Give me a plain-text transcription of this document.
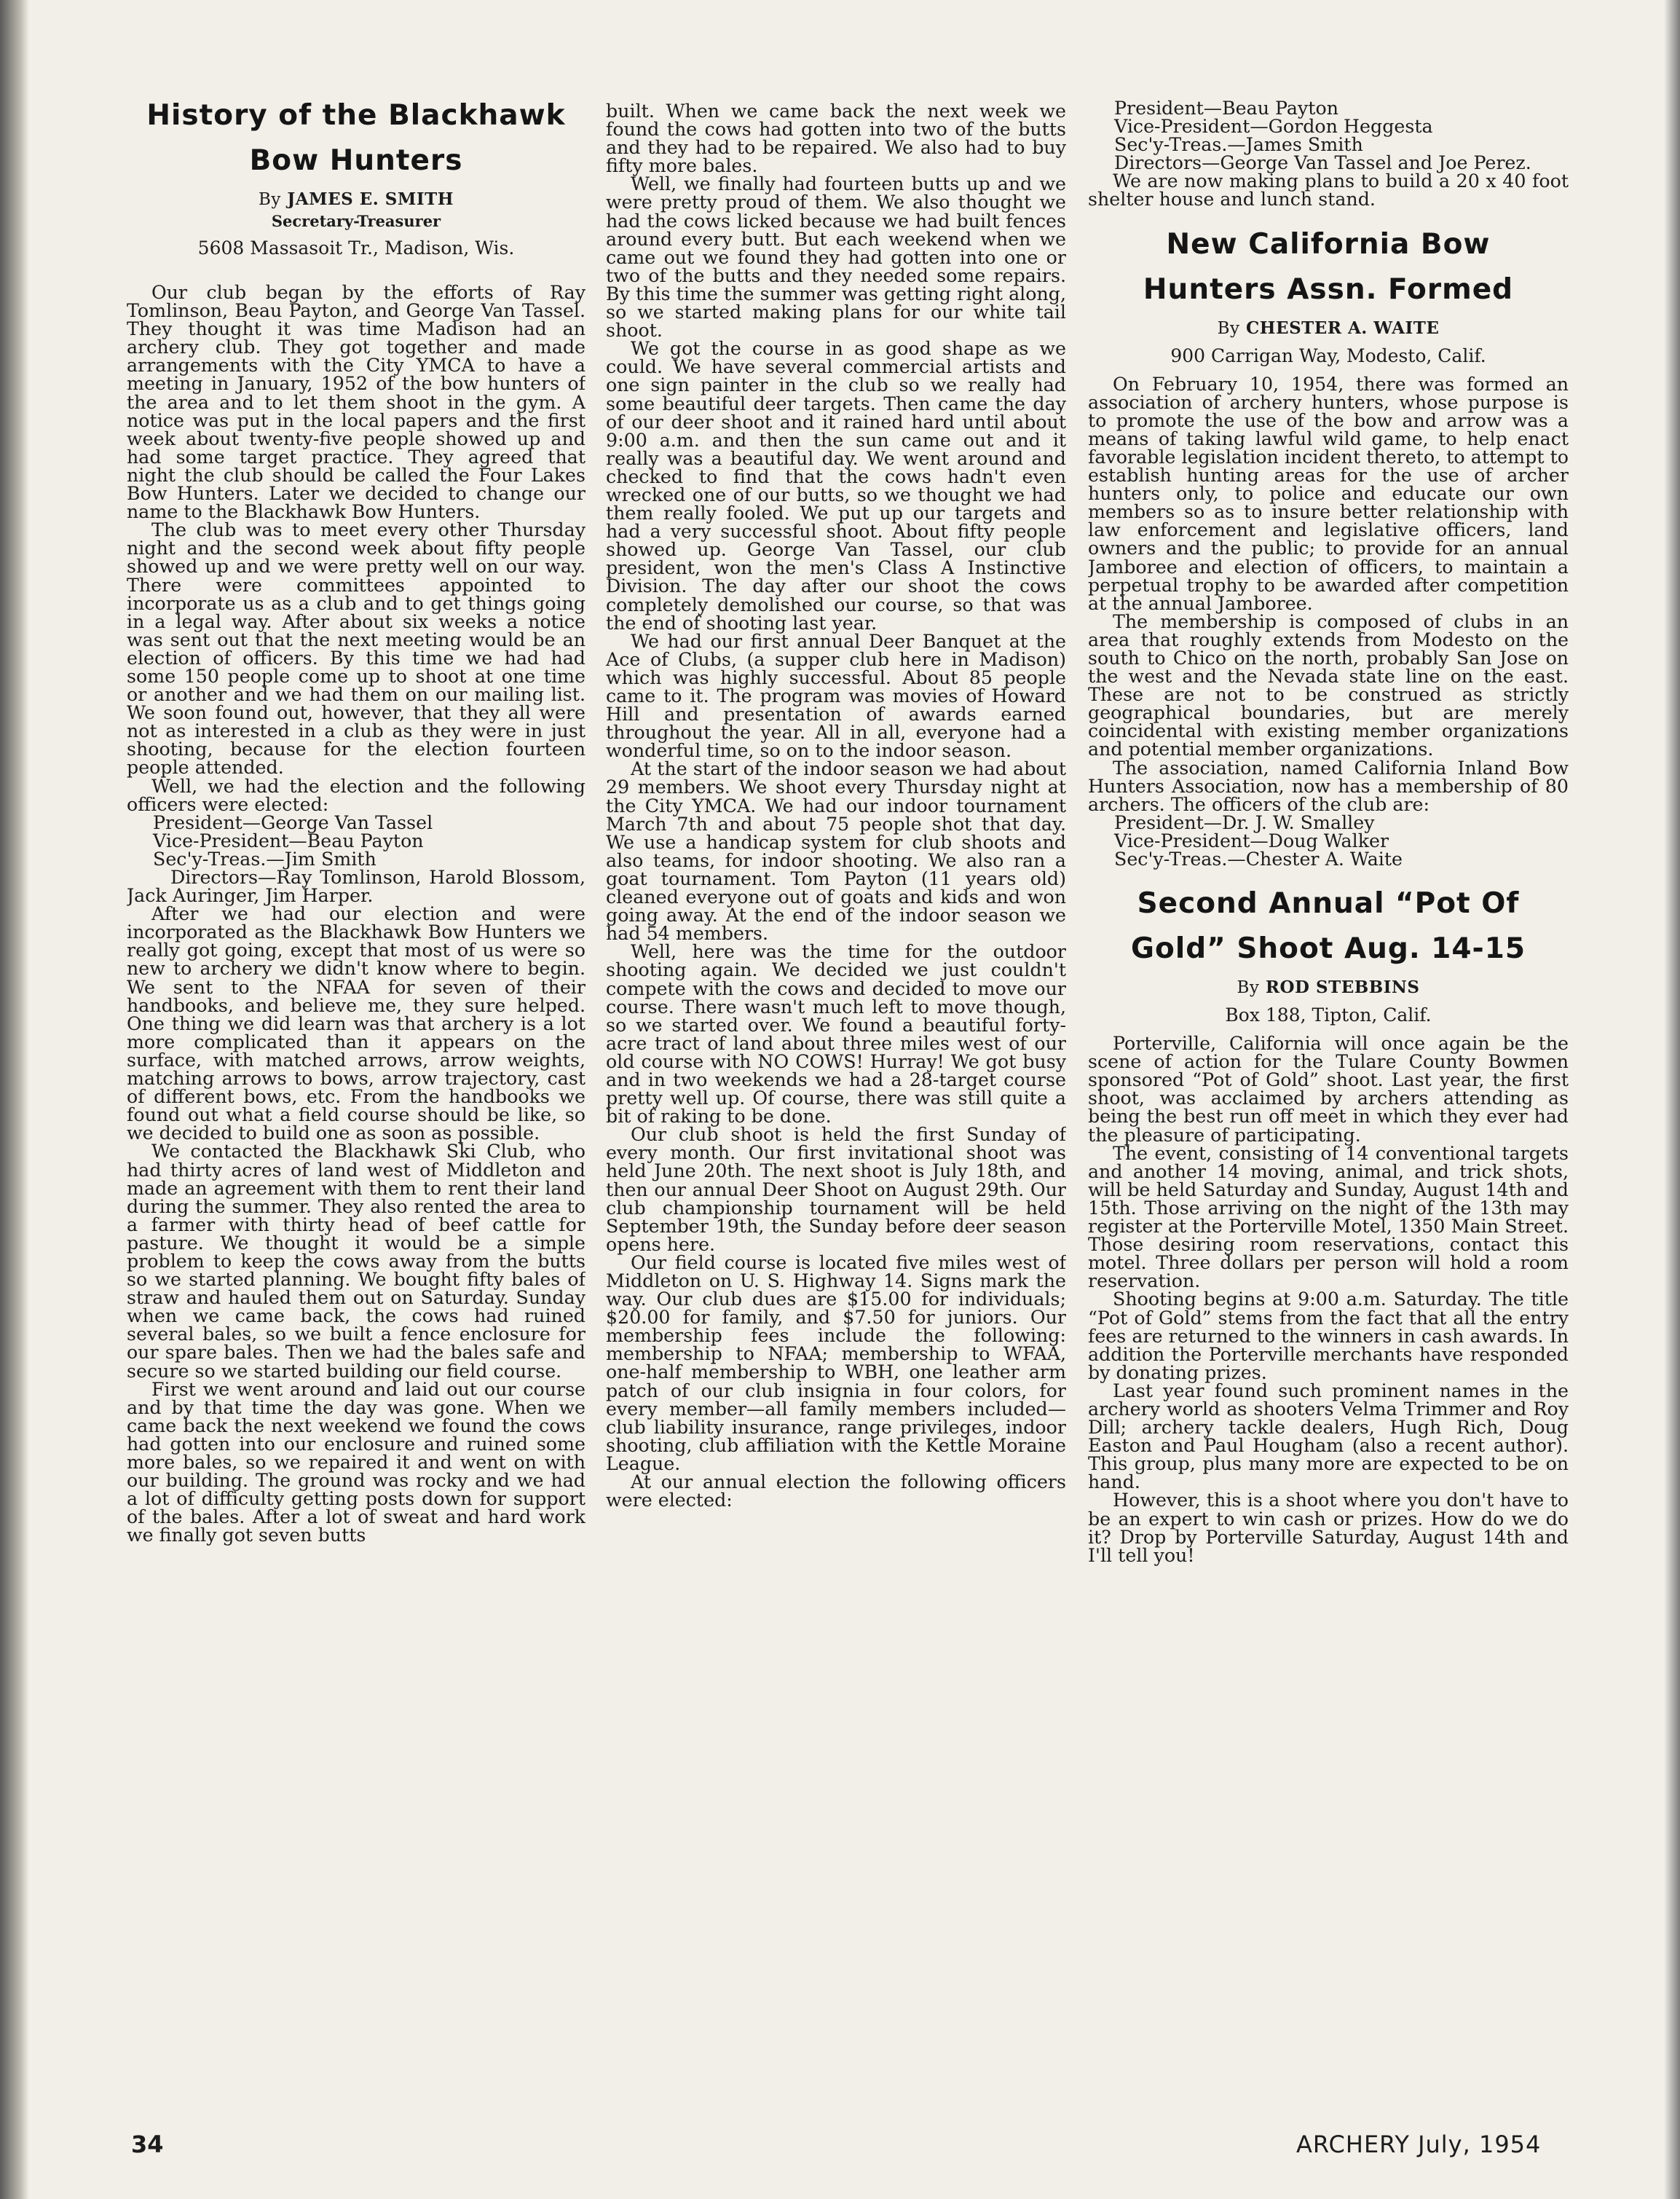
History of the Blackhawk Bow Hunters
By JAMES E. SMITH
Secretary-Treasurer
5608 Massasoit Tr., Madison, Wis.

Our club began by the efforts of Ray Tomlinson, Beau Payton, and George Van Tassel. They thought it was time Madison had an archery club. They got together and made arrangements with the City YMCA to have a meeting in January, 1952 of the bow hunters of the area and to let them shoot in the gym. A notice was put in the local papers and the first week about twenty-five people showed up and had some target practice. They agreed that night the club should be called the Four Lakes Bow Hunters. Later we decided to change our name to the Blackhawk Bow Hunters.

The club was to meet every other Thursday night and the second week about fifty people showed up and we were pretty well on our way. There were committees appointed to incorporate us as a club and to get things going in a legal way. After about six weeks a notice was sent out that the next meeting would be an election of officers. By this time we had had some 150 people come up to shoot at one time or another and we had them on our mailing list. We soon found out, however, that they all were not as interested in a club as they were in just shooting, because for the election fourteen people attended.

Well, we had the election and the following officers were elected:

President—George Van Tassel

Vice-President—Beau Payton

Sec'y-Treas.—Jim Smith

Directors—Ray Tomlinson, Harold Blossom, Jack Auringer, Jim Harper.

After we had our election and were incorporated as the Blackhawk Bow Hunters we really got going, except that most of us were so new to archery we didn't know where to begin. We sent to the NFAA for seven of their handbooks, and believe me, they sure helped. One thing we did learn was that archery is a lot more complicated than it appears on the surface, with matched arrows, arrow weights, matching arrows to bows, arrow trajectory, cast of different bows, etc. From the handbooks we found out what a field course should be like, so we decided to build one as soon as possible.

We contacted the Blackhawk Ski Club, who had thirty acres of land west of Middleton and made an agreement with them to rent their land during the summer. They also rented the area to a farmer with thirty head of beef cattle for pasture. We thought it would be a simple problem to keep the cows away from the butts so we started planning. We bought fifty bales of straw and hauled them out on Saturday. Sunday when we came back, the cows had ruined several bales, so we built a fence enclosure for our spare bales. Then we had the bales safe and secure so we started building our field course.

First we went around and laid out our course and by that time the day was gone. When we came back the next weekend we found the cows had gotten into our enclosure and ruined some more bales, so we repaired it and went on with our building. The ground was rocky and we had a lot of difficulty getting posts down for support of the bales. After a lot of sweat and hard work we finally got seven butts

built. When we came back the next week we found the cows had gotten into two of the butts and they had to be repaired. We also had to buy fifty more bales.

Well, we finally had fourteen butts up and we were pretty proud of them. We also thought we had the cows licked because we had built fences around every butt. But each weekend when we came out we found they had gotten into one or two of the butts and they needed some repairs. By this time the summer was getting right along, so we started making plans for our white tail shoot.

We got the course in as good shape as we could. We have several commercial artists and one sign painter in the club so we really had some beautiful deer targets. Then came the day of our deer shoot and it rained hard until about 9:00 a.m. and then the sun came out and it really was a beautiful day. We went around and checked to find that the cows hadn't even wrecked one of our butts, so we thought we had them really fooled. We put up our targets and had a very successful shoot. About fifty people showed up. George Van Tassel, our club president, won the men's Class A Instinctive Division. The day after our shoot the cows completely demolished our course, so that was the end of shooting last year.

We had our first annual Deer Banquet at the Ace of Clubs, (a supper club here in Madison) which was highly successful. About 85 people came to it. The program was movies of Howard Hill and presentation of awards earned throughout the year. All in all, everyone had a wonderful time, so on to the indoor season.

At the start of the indoor season we had about 29 members. We shoot every Thursday night at the City YMCA. We had our indoor tournament March 7th and about 75 people shot that day. We use a handicap system for club shoots and also teams, for indoor shooting. We also ran a goat tournament. Tom Payton (11 years old) cleaned everyone out of goats and kids and won going away. At the end of the indoor season we had 54 members.

Well, here was the time for the outdoor shooting again. We decided we just couldn't compete with the cows and decided to move our course. There wasn't much left to move though, so we started over. We found a beautiful forty-acre tract of land about three miles west of our old course with NO COWS! Hurray! We got busy and in two weekends we had a 28-target course pretty well up. Of course, there was still quite a bit of raking to be done.

Our club shoot is held the first Sunday of every month. Our first invitational shoot was held June 20th. The next shoot is July 18th, and then our annual Deer Shoot on August 29th. Our club championship tournament will be held September 19th, the Sunday before deer season opens here.

Our field course is located five miles west of Middleton on U. S. Highway 14. Signs mark the way. Our club dues are $15.00 for individuals; $20.00 for family, and $7.50 for juniors. Our membership fees include the following: membership to NFAA; membership to WFAA, one-half membership to WBH, one leather arm patch of our club insignia in four colors, for every member—all family members included—club liability insurance, range privileges, indoor shooting, club affiliation with the Kettle Moraine League.

At our annual election the following officers were elected:

President—Beau Payton

Vice-President—Gordon Heggesta

Sec'y-Treas.—James Smith

Directors—George Van Tassel and Joe Perez.

We are now making plans to build a 20 x 40 foot shelter house and lunch stand.

New California Bow Hunters Assn. Formed
By CHESTER A. WAITE
900 Carrigan Way, Modesto, Calif.

On February 10, 1954, there was formed an association of archery hunters, whose purpose is to promote the use of the bow and arrow was a means of taking lawful wild game, to help enact favorable legislation incident thereto, to attempt to establish hunting areas for the use of archer hunters only, to police and educate our own members so as to insure better relationship with law enforcement and legislative officers, land owners and the public; to provide for an annual Jamboree and election of officers, to maintain a perpetual trophy to be awarded after competition at the annual Jamboree.

The membership is composed of clubs in an area that roughly extends from Modesto on the south to Chico on the north, probably San Jose on the west and the Nevada state line on the east. These are not to be construed as strictly geographical boundaries, but are merely coincidental with existing member organizations and potential member organizations.

The association, named California Inland Bow Hunters Association, now has a membership of 80 archers. The officers of the club are:

President—Dr. J. W. Smalley

Vice-President—Doug Walker

Sec'y-Treas.—Chester A. Waite

Second Annual “Pot Of Gold” Shoot Aug. 14-15
By ROD STEBBINS
Box 188, Tipton, Calif.

Porterville, California will once again be the scene of action for the Tulare County Bowmen sponsored “Pot of Gold” shoot. Last year, the first shoot, was acclaimed by archers attending as being the best run off meet in which they ever had the pleasure of participating.

The event, consisting of 14 conventional targets and another 14 moving, animal, and trick shots, will be held Saturday and Sunday, August 14th and 15th. Those arriving on the night of the 13th may register at the Porterville Motel, 1350 Main Street. Those desiring room reservations, contact this motel. Three dollars per person will hold a room reservation.

Shooting begins at 9:00 a.m. Saturday. The title “Pot of Gold” stems from the fact that all the entry fees are returned to the winners in cash awards. In addition the Porterville merchants have responded by donating prizes.

Last year found such prominent names in the archery world as shooters Velma Trimmer and Roy Dill; archery tackle dealers, Hugh Rich, Doug Easton and Paul Hougham (also a recent author). This group, plus many more are expected to be on hand.

However, this is a shoot where you don't have to be an expert to win cash or prizes. How do we do it? Drop by Porterville Saturday, August 14th and I'll tell you!

34	ARCHERY July, 1954
